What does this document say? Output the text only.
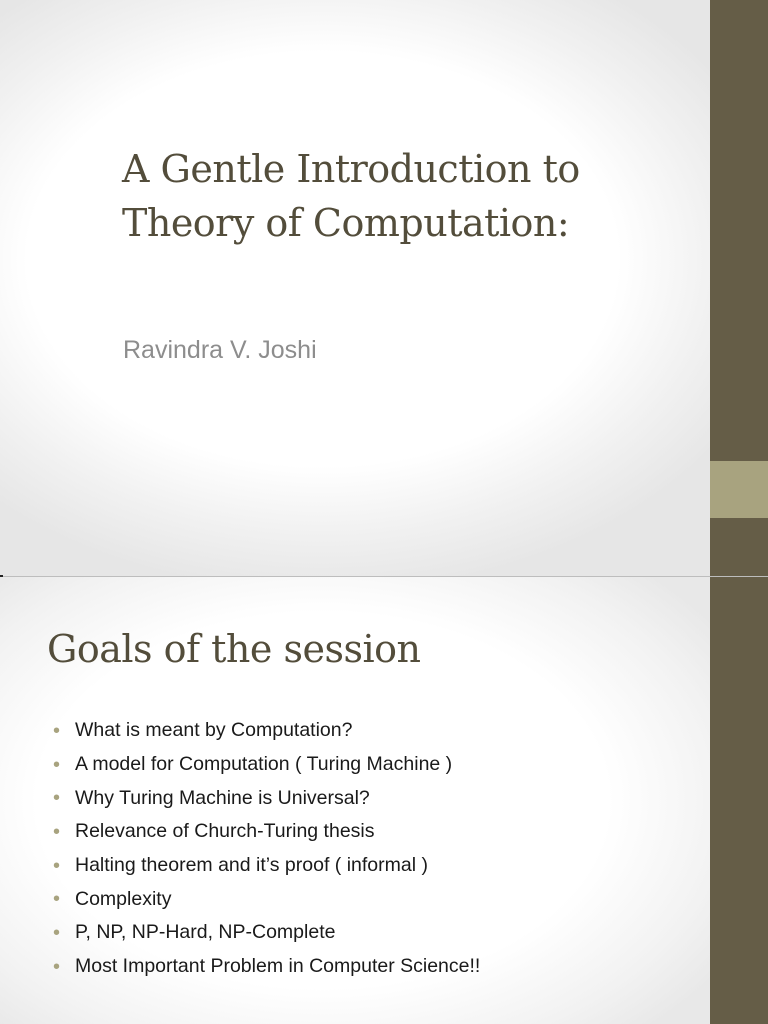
A Gentle Introduction to
Theory of Computation:

Ravindra V. Joshi

Goals of the session
• What is meant by Computation?
• A model for Computation ( Turing Machine )
• Why Turing Machine is Universal?
• Relevance of Church-Turing thesis
• Halting theorem and it’s proof ( informal )
• Complexity
• P, NP, NP-Hard, NP-Complete
• Most Important Problem in Computer Science!!
